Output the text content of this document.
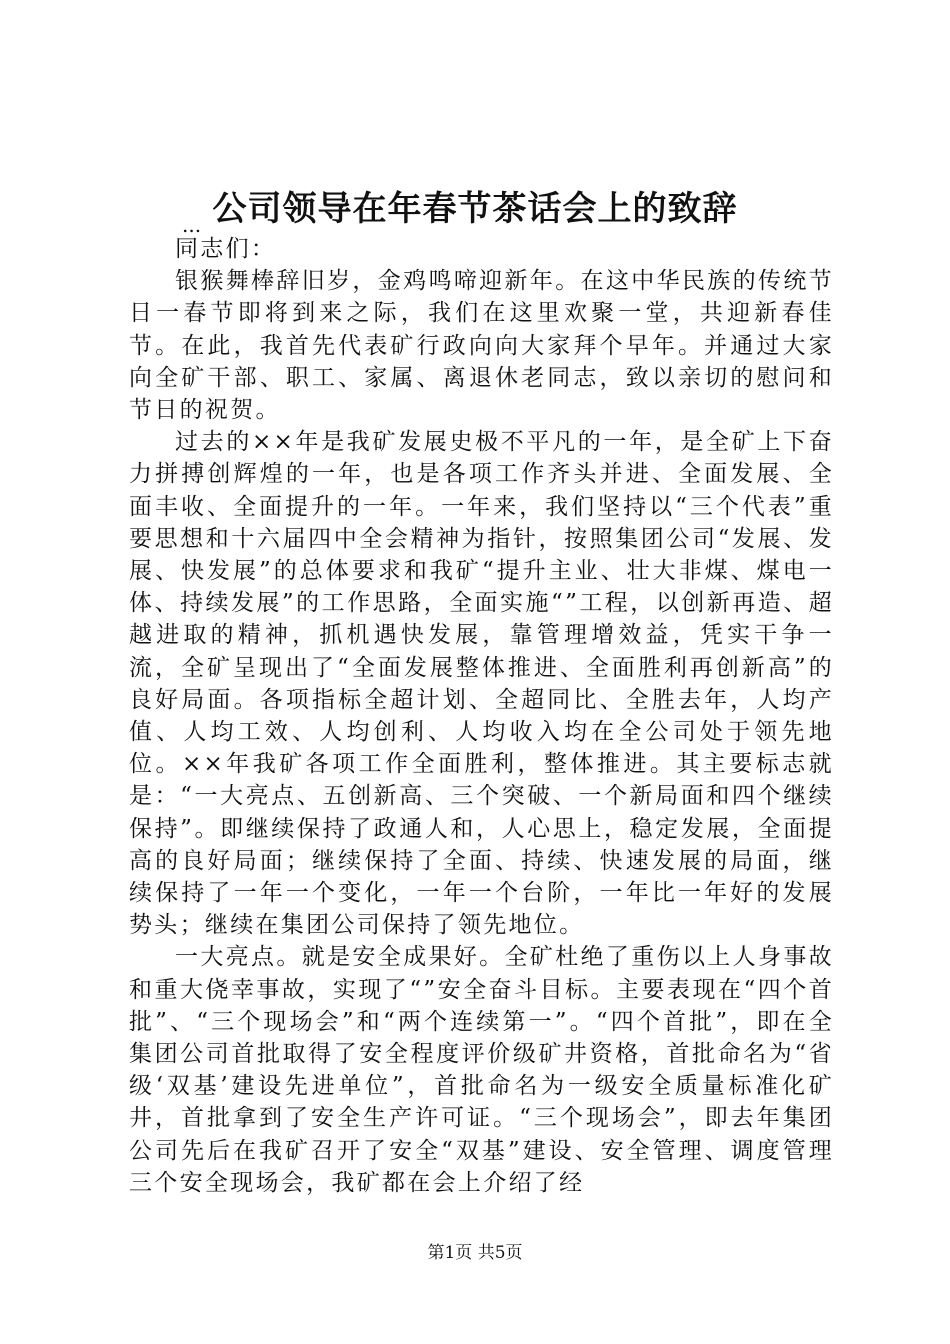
公司领导在年春节茶话会上的致辞
...

同志们：

银猴舞棒辞旧岁，金鸡鸣啼迎新年。在这中华民族的传统节日一春节即将到来之际，我们在这里欢聚一堂，共迎新春佳节。在此，我首先代表矿行政向向大家拜个早年。并通过大家向全矿干部、职工、家属、离退休老同志，致以亲切的慰问和节日的祝贺。

过去的××年是我矿发展史极不平凡的一年，是全矿上下奋力拼搏创辉煌的一年，也是各项工作齐头并进、全面发展、全面丰收、全面提升的一年。一年来，我们坚持以“三个代表”重要思想和十六届四中全会精神为指针，按照集团公司“发展、发展、快发展”的总体要求和我矿“提升主业、壮大非煤、煤电一体、持续发展”的工作思路，全面实施“”工程，以创新再造、超越进取的精神，抓机遇快发展，靠管理增效益，凭实干争一流，全矿呈现出了“全面发展整体推进、全面胜利再创新高”的良好局面。各项指标全超计划、全超同比、全胜去年，人均产值、人均工效、人均创利、人均收入均在全公司处于领先地位。××年我矿各项工作全面胜利，整体推进。其主要标志就是：“一大亮点、五创新高、三个突破、一个新局面和四个继续保持”。即继续保持了政通人和，人心思上，稳定发展，全面提高的良好局面；继续保持了全面、持续、快速发展的局面，继续保持了一年一个变化，一年一个台阶，一年比一年好的发展势头；继续在集团公司保持了领先地位。

一大亮点。就是安全成果好。全矿杜绝了重伤以上人身事故和重大侥幸事故，实现了“”安全奋斗目标。主要表现在“四个首批”、“三个现场会”和“两个连续第一”。“四个首批”，即在全集团公司首批取得了安全程度评价级矿井资格，首批命名为“省级‘双基’建设先进单位”，首批命名为一级安全质量标准化矿井，首批拿到了安全生产许可证。“三个现场会”，即去年集团公司先后在我矿召开了安全“双基”建设、安全管理、调度管理三个安全现场会，我矿都在会上介绍了经

第1页 共5页
